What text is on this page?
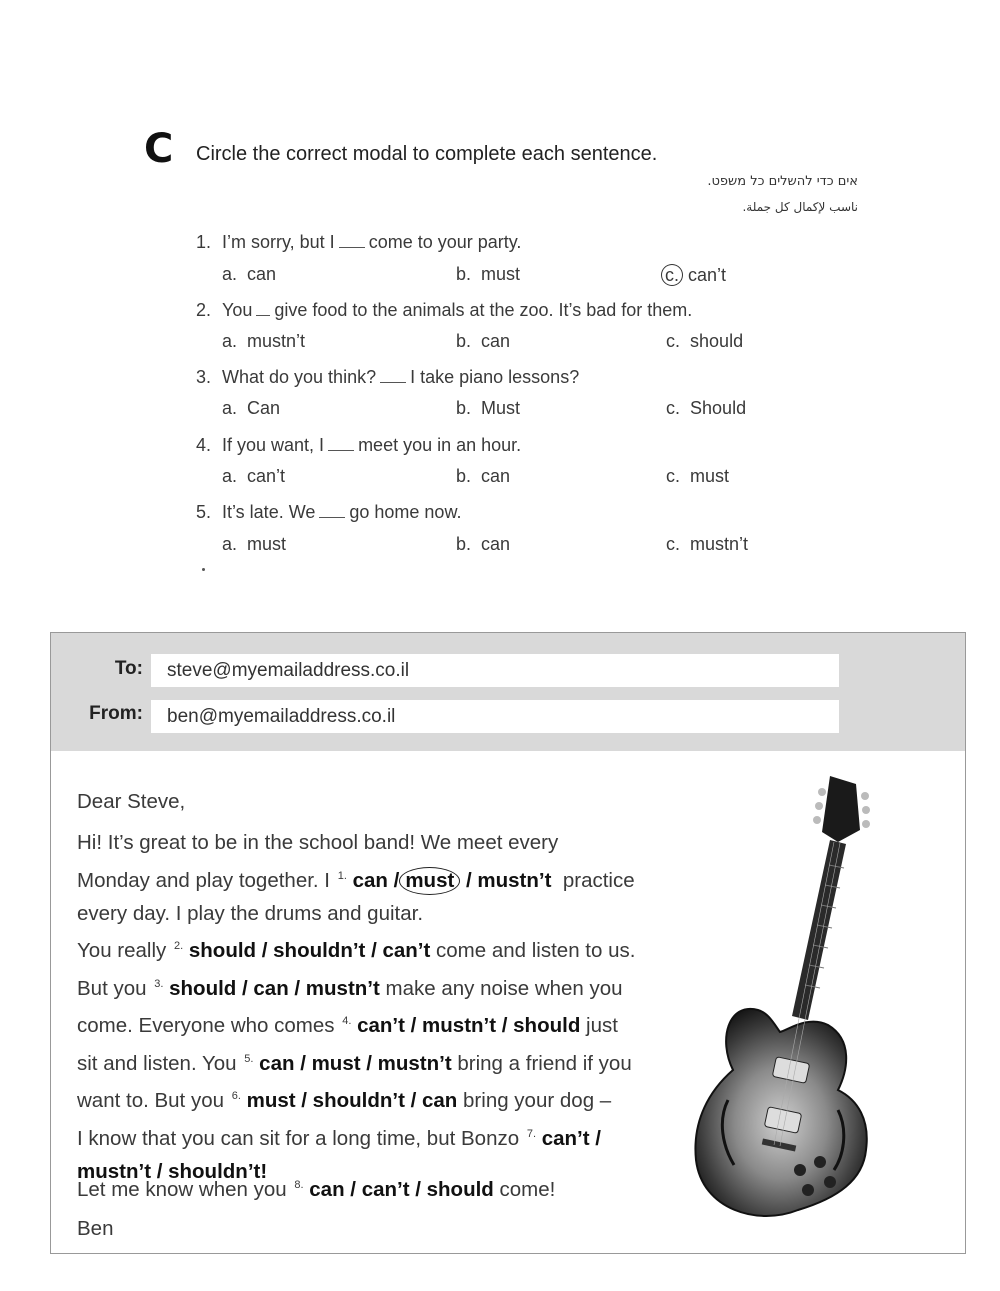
C Circle the correct modal to complete each sentence.
אים כדי להשלים כל משפט.
ناسب لإكمال كل جملة.
1. I’m sorry, but I come to your party.
a. can	b. must	c. can’t
2. You give food to the animals at the zoo. It’s bad for them.
a. mustn’t	b. can	c. should
3. What do you think? I take piano lessons?
a. Can	b. Must	c. Should
4. If you want, I meet you in an hour.
a. can’t	b. can	c. must
5. It’s late. We go home now.
a. must	b. can	c. mustn’t
To:	steve@myemailaddress.co.il
From:	ben@myemailaddress.co.il

Dear Steve,

Hi! It’s great to be in the school band! We meet every

Monday and play together. I $^{1.}$ can / must / mustn’t practice

every day. I play the drums and guitar.

You really $^{2.}$ should / shouldn’t / can’t come and listen to us.

But you $^{3.}$ should / can / mustn’t make any noise when you

come. Everyone who comes $^{4.}$ can’t / mustn’t / should just

sit and listen. You $^{5.}$ can / must / mustn’t bring a friend if you

want to. But you $^{6.}$ must / shouldn’t / can bring your dog –

I know that you can sit for a long time, but Bonzo $^{7.}$ can’t /

mustn’t / shouldn’t!

Let me know when you $^{8.}$ can / can’t / should come!

Ben
